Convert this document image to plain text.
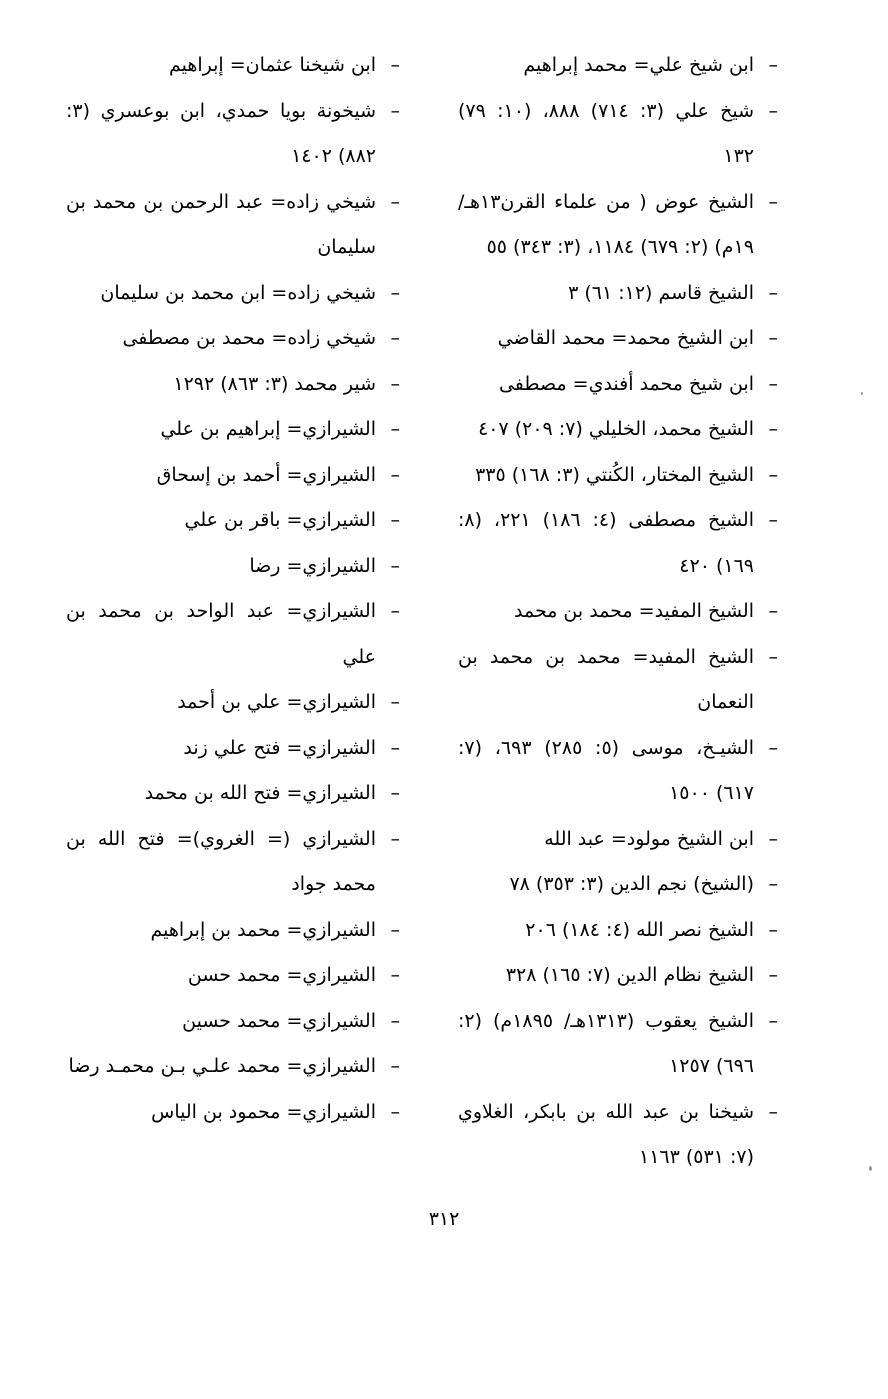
– ابن شيخ علي= محمد إبراهيم

– شيخ علي (٣: ٧١٤) ٨٨٨، (١٠: ٧٩) ١٣٢

– الشيخ عوض ( من علماء القرن١٣هـ/ ١٩م) (٢: ٦٧٩) ١١٨٤، (٣: ٣٤٣) ٥٥

– الشيخ قاسم (١٢: ٦١) ٣

– ابن الشيخ محمد= محمد القاضي

– ابن شيخ محمد أفندي= مصطفى

– الشيخ محمد، الخليلي (٧: ٢٠٩) ٤٠٧

– الشيخ المختار، الكُنتي (٣: ١٦٨) ٣٣٥

– الشيخ مصطفى (٤: ١٨٦) ٢٢١، (٨: ١٦٩) ٤٢٠

– الشيخ المفيد= محمد بن محمد

– الشيخ المفيد= محمد بن محمد بن النعمان

– الشيـخ، موسى (٥: ٢٨٥) ٦٩٣، (٧: ٦١٧) ١٥٠٠

– ابن الشيخ مولود= عبد الله

– (الشيخ) نجم الدين (٣: ٣٥٣) ٧٨

– الشيخ نصر الله (٤: ١٨٤) ٢٠٦

– الشيخ نظام الدين (٧: ١٦٥) ٣٢٨

– الشيخ يعقوب (١٣١٣هـ/ ١٨٩٥م) (٢: ٦٩٦) ١٢٥٧

– شيخنا بن عبد الله بن بابكر، الغلاوي (٧: ٥٣١) ١١٦٣

– ابن شيخنا عثمان= إبراهيم

– شيخونة بويا حمدي، ابن بوعسري (٣: ٨٨٢) ١٤٠٢

– شيخي زاده= عبد الرحمن بن محمد بن سليمان

– شيخي زاده= ابن محمد بن سليمان

– شيخي زاده= محمد بن مصطفى

– شير محمد (٣: ٨٦٣) ١٢٩٢

– الشيرازي= إبراهيم بن علي

– الشيرازي= أحمد بن إسحاق

– الشيرازي= باقر بن علي

– الشيرازي= رضا

– الشيرازي= عبد الواحد بن محمد بن علي

– الشيرازي= علي بن أحمد

– الشيرازي= فتح علي زند

– الشيرازي= فتح الله بن محمد

– الشيرازي (= الغروي)= فتح الله بن محمد جواد

– الشيرازي= محمد بن إبراهيم

– الشيرازي= محمد حسن

– الشيرازي= محمد حسين

– الشيرازي= محمد علـي بـن محمـد رضا

– الشيرازي= محمود بن الياس

٣١٢
